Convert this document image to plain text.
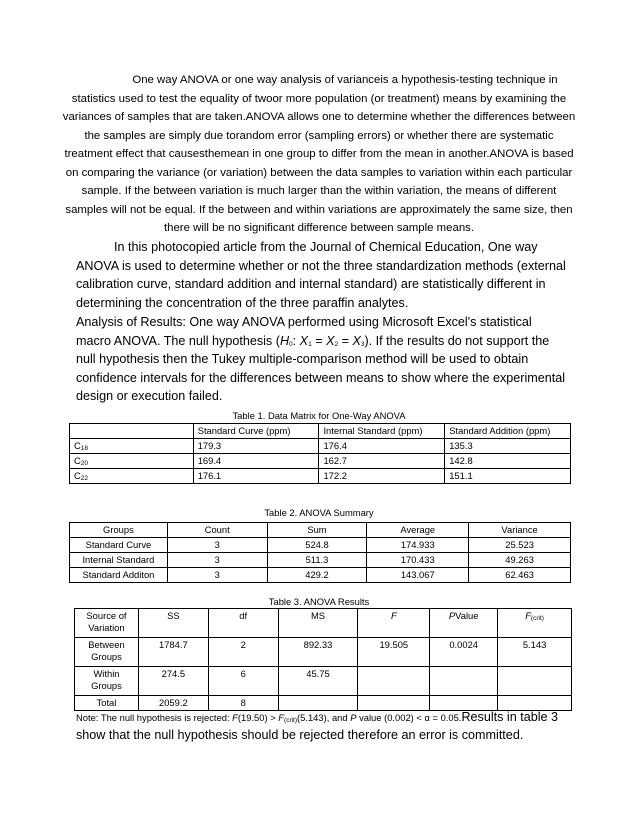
One way ANOVA or one way analysis of varianceis a hypothesis-testing technique in statistics used to test the equality of twoor more population (or treatment) means by examining the variances of samples that are taken.ANOVA allows one to determine whether the differences between the samples are simply due torandom error (sampling errors) or whether there are systematic treatment effect that causesthemean in one group to differ from the mean in another.ANOVA is based on comparing the variance (or variation) between the data samples to variation within each particular sample. If the between variation is much larger than the within variation, the means of different samples will not be equal. If the between and within variations are approximately the same size, then there will be no significant difference between sample means.
In this photocopied article from the Journal of Chemical Education, One way ANOVA is used to determine whether or not the three standardization methods (external calibration curve, standard addition and internal standard) are statistically different in determining the concentration of the three paraffin analytes.
Analysis of Results: One way ANOVA performed using Microsoft Excel's statistical macro ANOVA. The null hypothesis ($H_0$: $X_1 = X_2 = X_3$). If the results do not support the null hypothesis then the Tukey multiple-comparison method will be used to obtain confidence intervals for the differences between means to show where the experimental design or execution failed.
Table 1. Data Matrix for One-Way ANOVA
	Standard Curve (ppm)	Internal Standard (ppm)	Standard Addition (ppm)
$C_{18}$	179.3	176.4	135.3
$C_{20}$	169.4	162.7	142.8
$C_{22}$	176.1	172.2	151.1
Table 2. ANOVA Summary
Groups	Count	Sum	Average	Variance
Standard Curve	3	524.8	174.933	25.523
Internal Standard	3	511.3	170.433	49.263
Standard Additon	3	429.2	143.067	62.463
Table 3. ANOVA Results
Source of Variation	SS	df	MS	F	PValue	$F_{(crit)}$
Between Groups	1784.7	2	892.33	19.505	0.0024	5.143
Within Groups	274.5	6	45.75			
Total	2059.2	8				
Note: The null hypothesis is rejected: $F(19.50) > F_{(crit)}(5.143)$, and P value (0.002) < α = 0.05.Results in table 3 show that the null hypothesis should be rejected therefore an error is committed.
